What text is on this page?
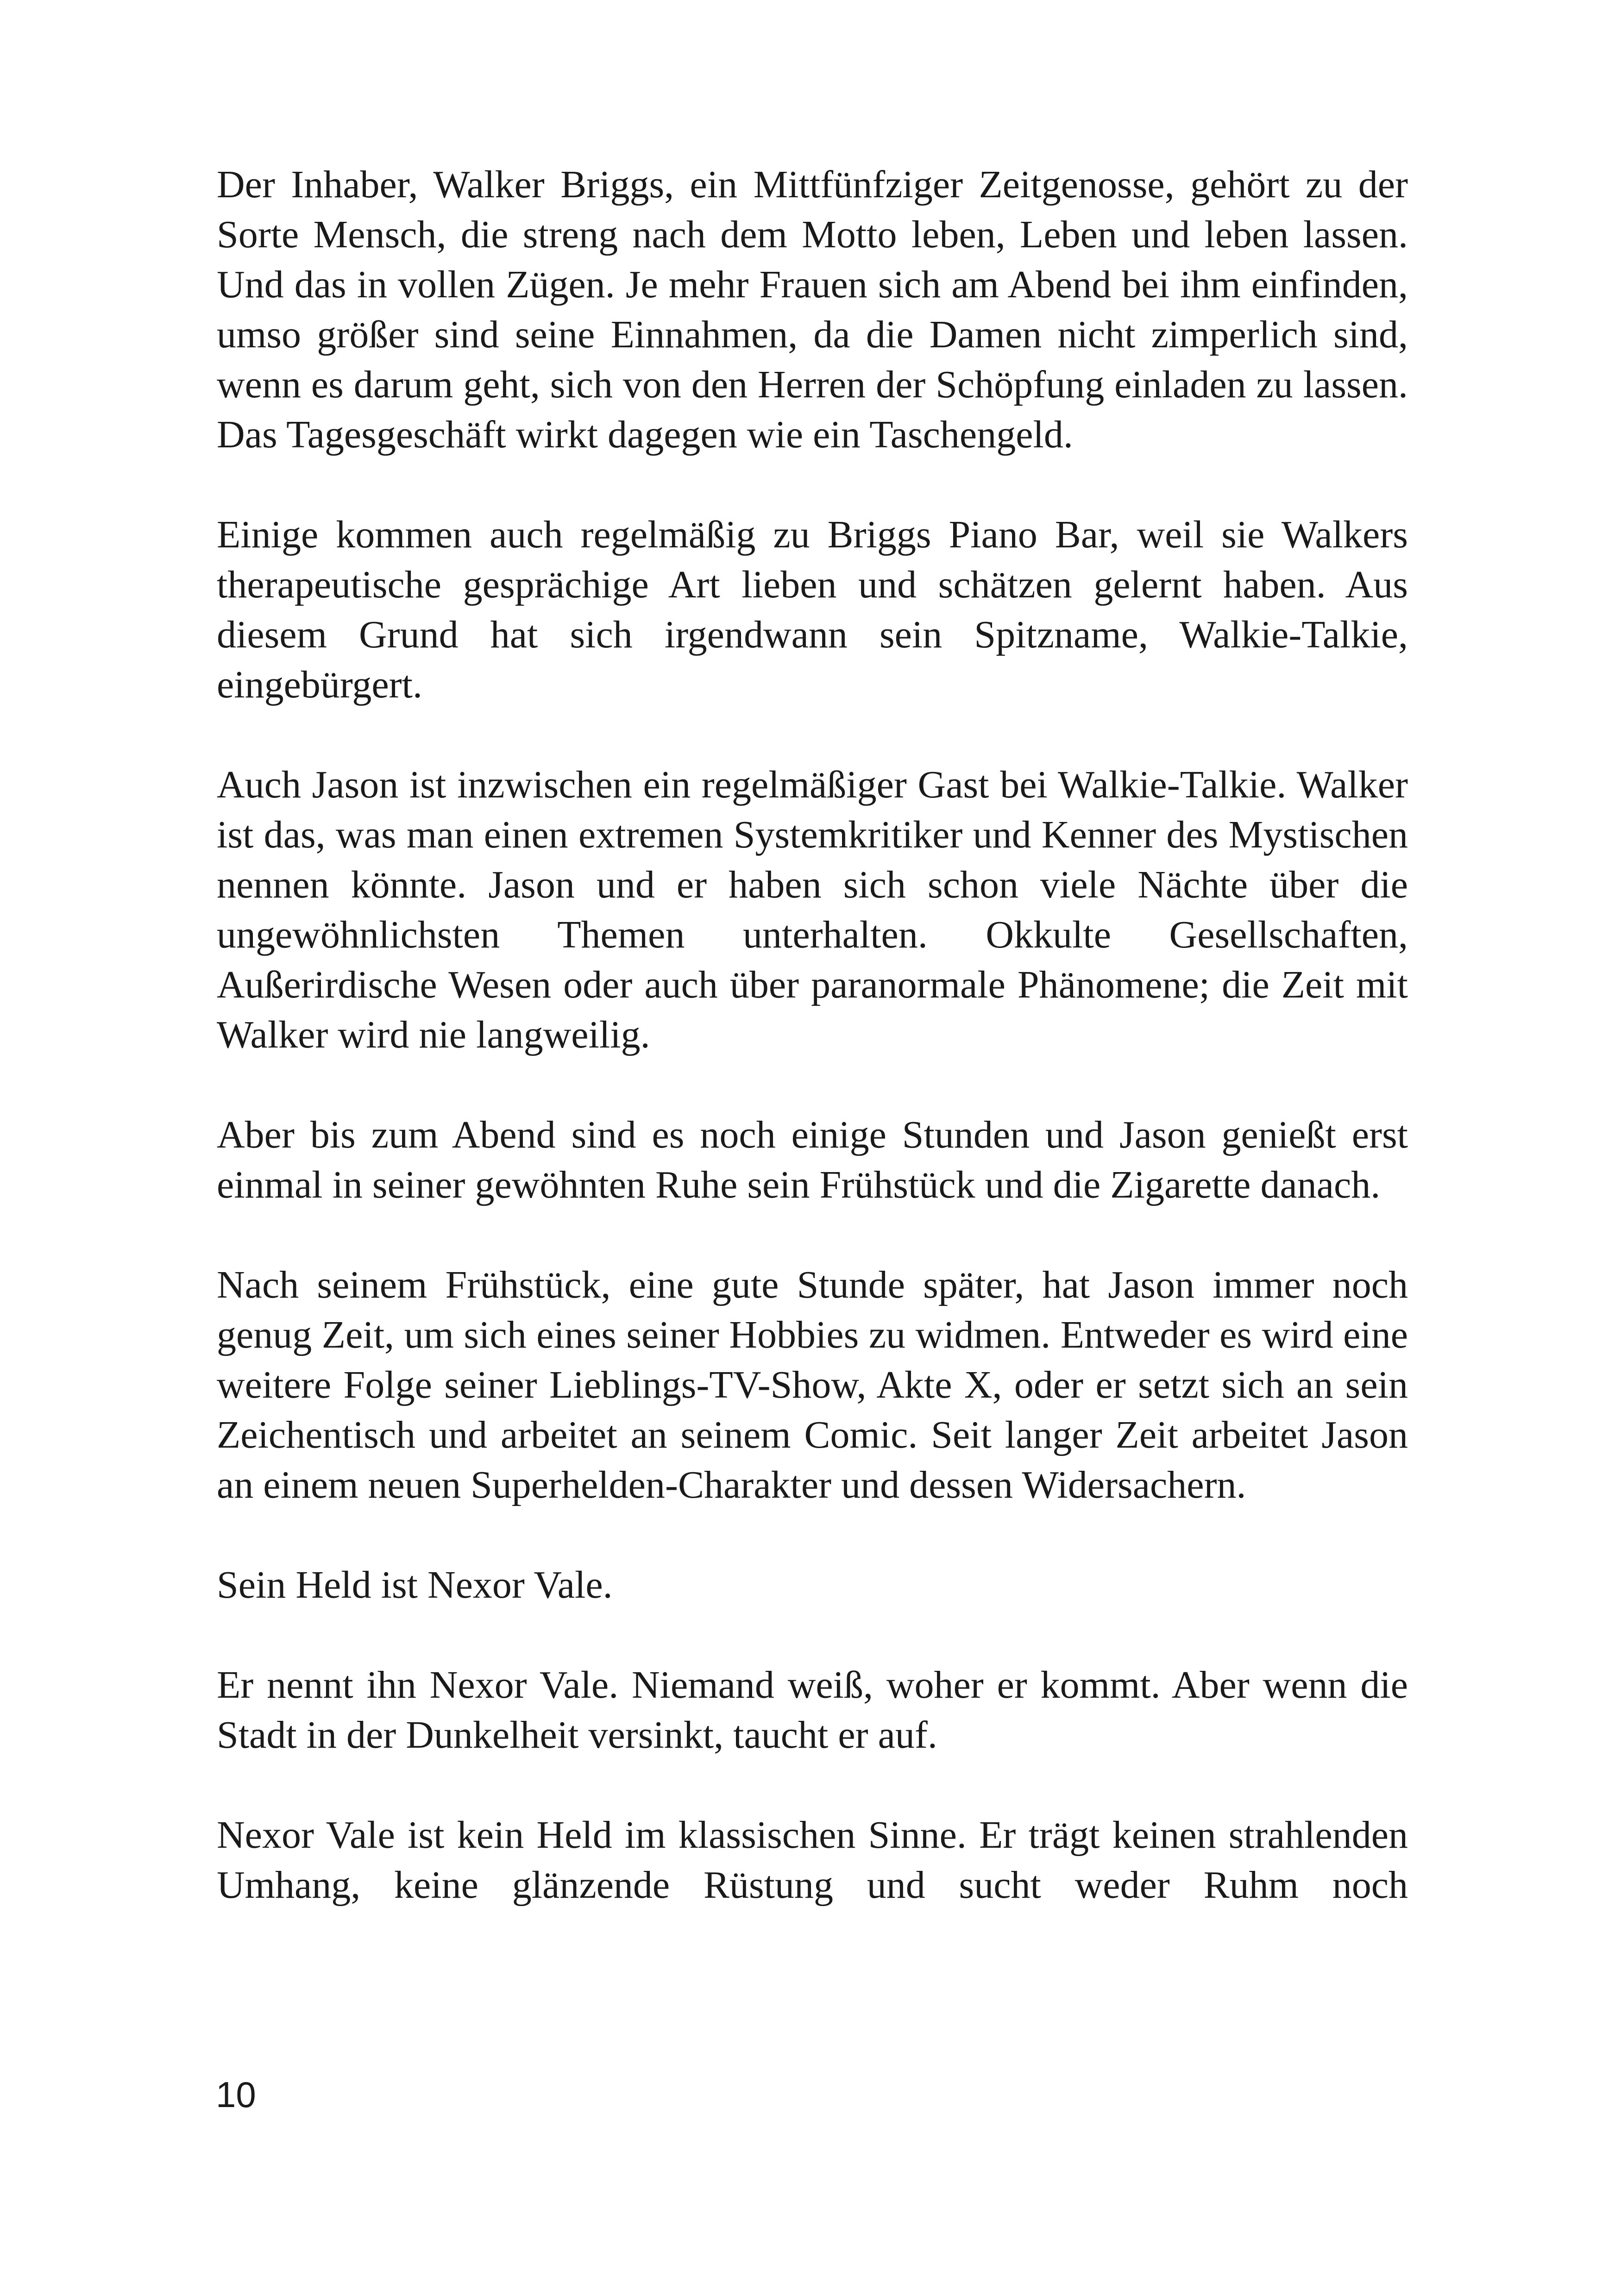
Der Inhaber, Walker Briggs, ein Mittfünfziger Zeitgenosse, gehört zu der Sorte Mensch, die streng nach dem Motto leben, Leben und leben lassen. Und das in vollen Zügen. Je mehr Frauen sich am Abend bei ihm einfinden, umso größer sind seine Einnahmen, da die Damen nicht zimperlich sind, wenn es darum geht, sich von den Herren der Schöpfung einladen zu lassen. Das Tagesgeschäft wirkt dagegen wie ein Taschengeld.

Einige kommen auch regelmäßig zu Briggs Piano Bar, weil sie Walkers therapeutische gesprächige Art lieben und schätzen gelernt haben. Aus diesem Grund hat sich irgendwann sein Spitzname, Walkie-Talkie, eingebürgert.

Auch Jason ist inzwischen ein regelmäßiger Gast bei Walkie-Talkie. Walker ist das, was man einen extremen Systemkritiker und Kenner des Mystischen nennen könnte. Jason und er haben sich schon viele Nächte über die ungewöhnlichsten Themen unterhalten. Okkulte Gesellschaften, Außerirdische Wesen oder auch über paranormale Phänomene; die Zeit mit Walker wird nie langweilig.

Aber bis zum Abend sind es noch einige Stunden und Jason genießt erst einmal in seiner gewöhnten Ruhe sein Frühstück und die Zigarette danach.

Nach seinem Frühstück, eine gute Stunde später, hat Jason immer noch genug Zeit, um sich eines seiner Hobbies zu widmen. Entweder es wird eine weitere Folge seiner Lieblings-TV-Show, Akte X, oder er setzt sich an sein Zeichentisch und arbeitet an seinem Comic. Seit langer Zeit arbeitet Jason an einem neuen Superhelden-Charakter und dessen Widersachern.

Sein Held ist Nexor Vale.

Er nennt ihn Nexor Vale. Niemand weiß, woher er kommt. Aber wenn die Stadt in der Dunkelheit versinkt, taucht er auf.

Nexor Vale ist kein Held im klassischen Sinne. Er trägt keinen strahlenden Umhang, keine glänzende Rüstung und sucht weder Ruhm noch

10
